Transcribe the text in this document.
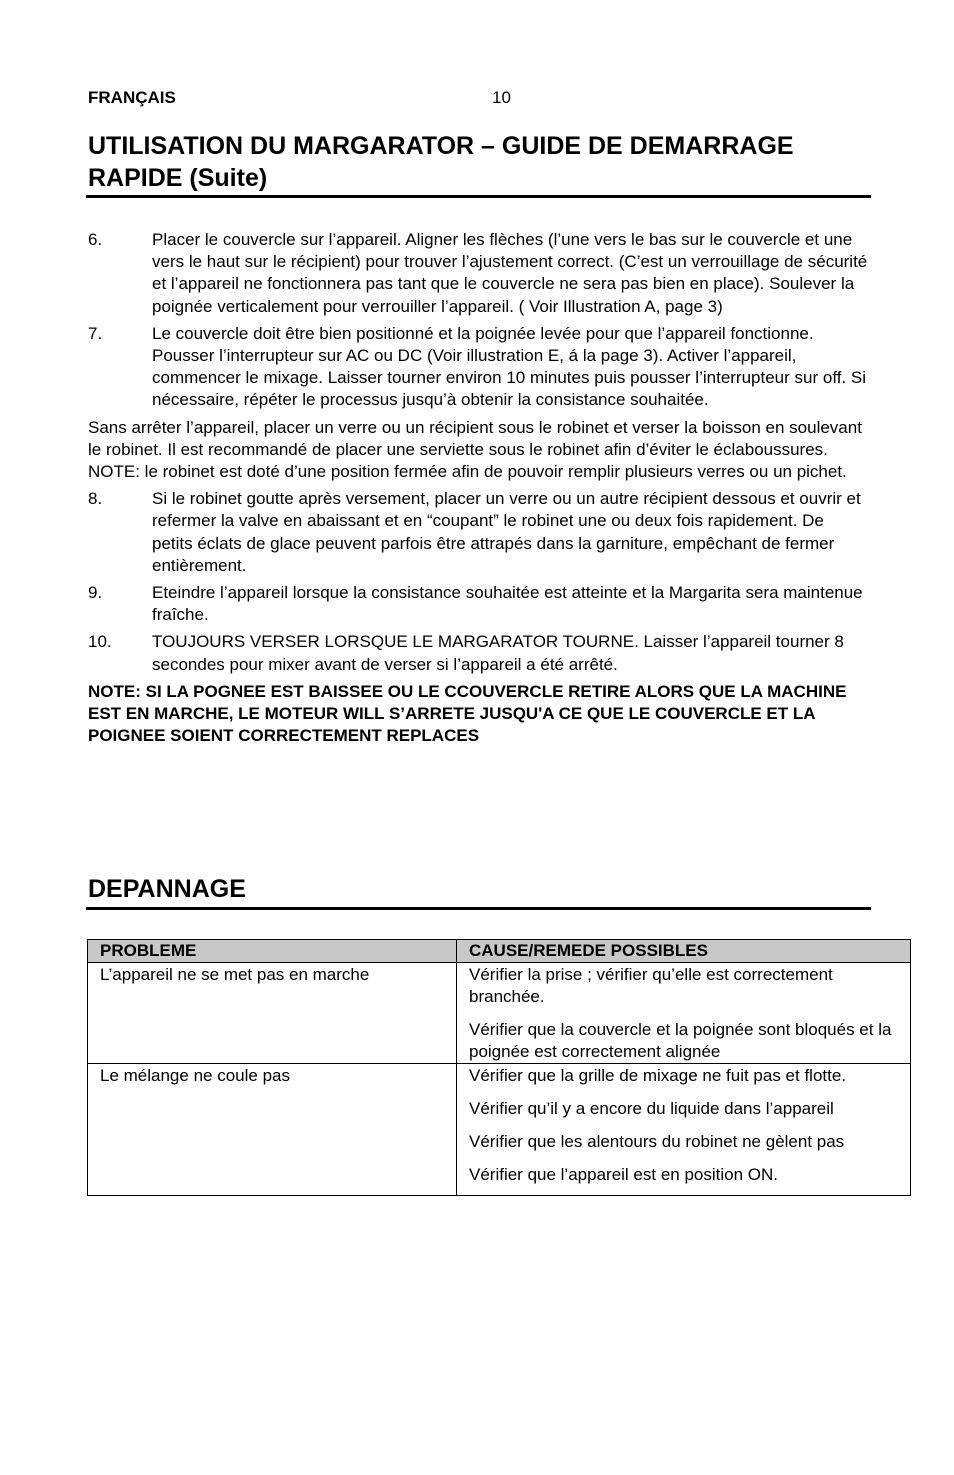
FRANÇAIS	10
UTILISATION DU MARGARATOR – GUIDE DE DEMARRAGE RAPIDE (Suite)
6.	Placer le couvercle sur l’appareil. Aligner les flèches (l’une vers le bas sur le couvercle et une vers le haut sur le récipient) pour trouver l’ajustement correct. (C’est un verrouillage de sécurité et l’appareil ne fonctionnera pas tant que le couvercle ne sera pas bien en place). Soulever la poignée verticalement pour verrouiller l’appareil. ( Voir Illustration A, page 3)
7.	Le couvercle doit être bien positionné et la poignée levée pour que l’appareil fonctionne. Pousser l’interrupteur sur AC ou DC (Voir illustration E, á la page 3). Activer l’appareil, commencer le mixage. Laisser tourner environ 10 minutes puis pousser l’interrupteur sur off. Si nécessaire, répéter le processus jusqu’à obtenir la consistance souhaitée.

Sans arrêter l’appareil, placer un verre ou un récipient sous le robinet et verser la boisson en soulevant le robinet. Il est recommandé de placer une serviette sous le robinet afin d’éviter le éclaboussures.

NOTE: le robinet est doté d’une position fermée afin de pouvoir remplir plusieurs verres ou un pichet.

8.	Si le robinet goutte après versement, placer un verre ou un autre récipient dessous et ouvrir et refermer la valve en abaissant et en “coupant” le robinet une ou deux fois rapidement. De petits éclats de glace peuvent parfois être attrapés dans la garniture, empêchant de fermer entièrement.
9.	Eteindre l’appareil lorsque la consistance souhaitée est atteinte et la Margarita sera maintenue fraîche.
10.	TOUJOURS VERSER LORSQUE LE MARGARATOR TOURNE. Laisser l’appareil tourner 8 secondes pour mixer avant de verser si l’appareil a été arrêté.

NOTE: SI LA POGNEE EST BAISSEE OU LE CCOUVERCLE RETIRE ALORS QUE LA MACHINE EST EN MARCHE, LE MOTEUR WILL S’ARRETE JUSQU'A CE QUE LE COUVERCLE ET LA POIGNEE SOIENT CORRECTEMENT REPLACES

DEPANNAGE
PROBLEME	CAUSE/REMEDE POSSIBLES
L’appareil ne se met pas en marche	Vérifier la prise ; vérifier qu’elle est correctement branchée.

Vérifier que la couvercle et la poignée sont bloqués et la poignée est correctement alignée

Le mélange ne coule pas	Vérifier que la grille de mixage ne fuit pas et flotte.

Vérifier qu’il y a encore du liquide dans l’appareil

Vérifier que les alentours du robinet ne gèlent pas

Vérifier que l’appareil est en position ON.
